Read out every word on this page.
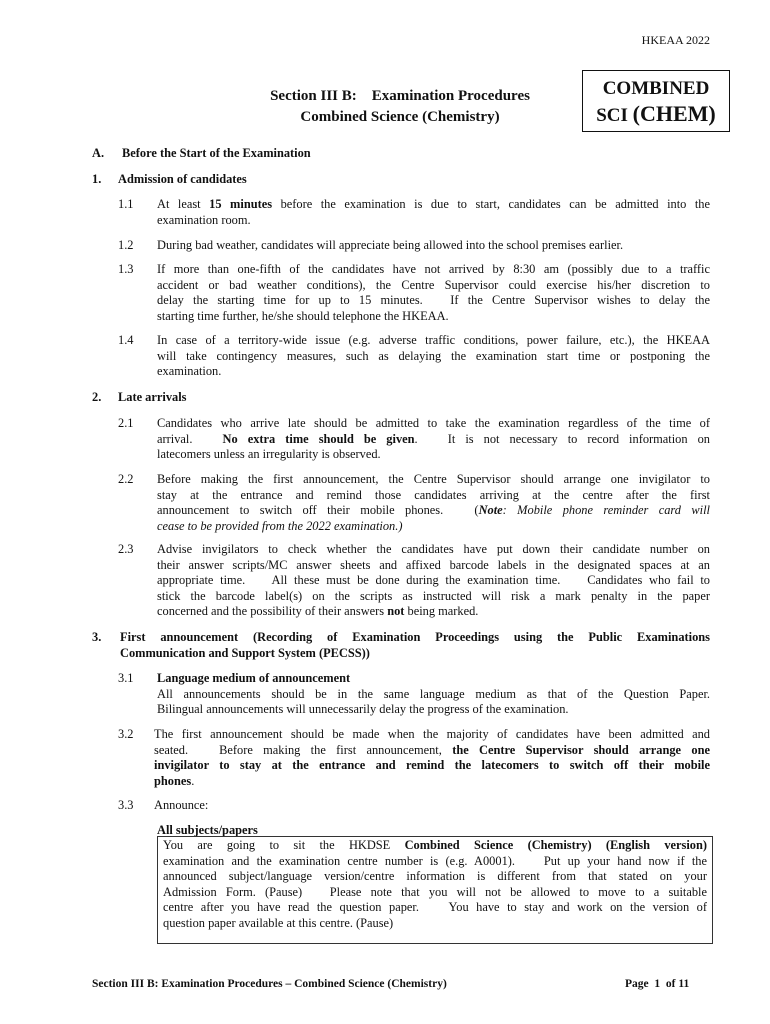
HKEAA 2022
Section III B:    Examination Procedures
Combined Science (Chemistry)
COMBINED
SCI (CHEM)
A. Before the Start of the Examination
1. Admission of candidates
1.1 At least 15 minutes before the examination is due to start, candidates can be admitted into the
examination room.
1.2 During bad weather, candidates will appreciate being allowed into the school premises earlier.
1.3 If more than one-fifth of the candidates have not arrived by 8:30 am (possibly due to a traffic
accident or bad weather conditions), the Centre Supervisor could exercise his/her discretion to
delay the starting time for up to 15 minutes.   If the Centre Supervisor wishes to delay the
starting time further, he/she should telephone the HKEAA.
1.4 In case of a territory-wide issue (e.g. adverse traffic conditions, power failure, etc.), the HKEAA
will take contingency measures, such as delaying the examination start time or postponing the
examination.
2. Late arrivals
2.1 Candidates who arrive late should be admitted to take the examination regardless of the time of
arrival.   No extra time should be given.   It is not necessary to record information on
latecomers unless an irregularity is observed.
2.2 Before making the first announcement, the Centre Supervisor should arrange one invigilator to
stay at the entrance and remind those candidates arriving at the centre after the first
announcement to switch off their mobile phones.   (Note: Mobile phone reminder card will
cease to be provided from the 2022 examination.)
2.3 Advise invigilators to check whether the candidates have put down their candidate number on
their answer scripts/MC answer sheets and affixed barcode labels in the designated spaces at an
appropriate time.    All these must be done during the examination time.    Candidates who fail to
stick the barcode label(s) on the scripts as instructed will risk a mark penalty in the paper
concerned and the possibility of their answers not being marked.
3. First announcement (Recording of Examination Proceedings using the Public Examinations
Communication and Support System (PECSS))
3.1 Language medium of announcement
All announcements should be in the same language medium as that of the Question Paper.
Bilingual announcements will unnecessarily delay the progress of the examination.
3.2 The first announcement should be made when the majority of candidates have been admitted and
seated.   Before making the first announcement, the Centre Supervisor should arrange one
invigilator to stay at the entrance and remind the latecomers to switch off their mobile
phones.
3.3 Announce:
All subjects/papers
You are going to sit the HKDSE Combined Science (Chemistry) (English version)
examination and the examination centre number is (e.g. A0001).    Put up your hand now if the
announced subject/language version/centre information is different from that stated on your
Admission Form. (Pause)   Please note that you will not be allowed to move to a suitable
centre after you have read the question paper.    You have to stay and work on the version of
question paper available at this centre. (Pause)
Section III B: Examination Procedures – Combined Science (Chemistry)	Page  1  of 11
